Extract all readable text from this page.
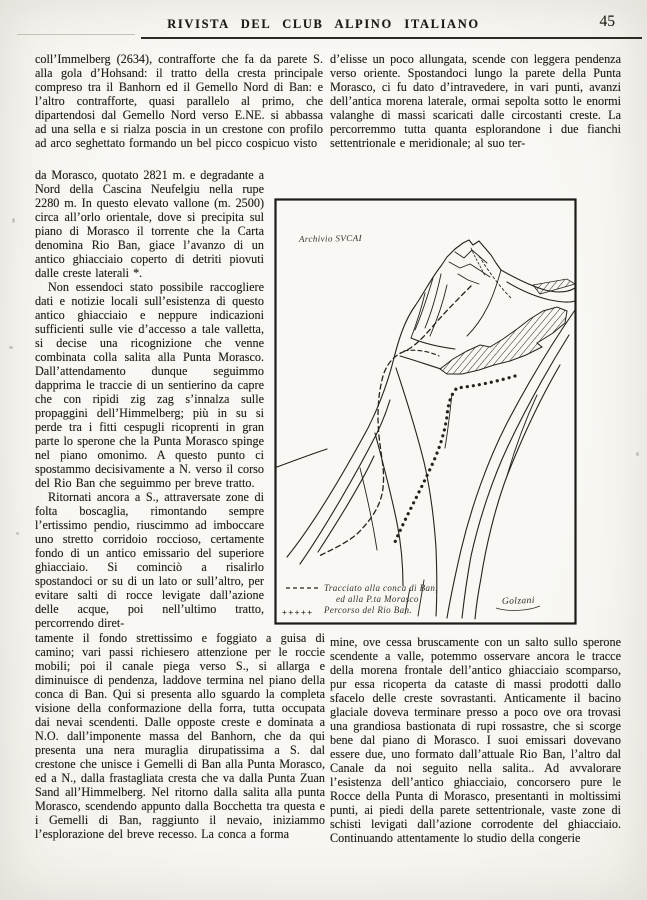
RIVISTA DEL CLUB ALPINO ITALIANO	45

coll’Immelberg (2634), contrafforte che fa da parete S. alla gola d’Hohsand: il tratto della cresta principale compreso tra il Banhorn ed il Gemello Nord di Ban: e l’altro contrafforte, quasi parallelo al primo, che dipartendosi dal Gemello Nord verso E.NE. si abbassa ad una sella e si rialza poscia in un crestone con profilo ad arco seghettato formando un bel picco cospicuo visto

da Morasco, quotato 2821 m. e degradante a Nord della Cascina Neufelgiu nella rupe 2280 m. In questo elevato vallone (m. 2500) circa all’orlo orientale, dove si precipita sul piano di Morasco il torrente che la Carta denomina Rio Ban, giace l’avanzo di un antico ghiacciaio coperto di detriti piovuti dalle creste laterali *.

Non essendoci stato possibile raccogliere dati e notizie locali sull’esistenza di questo antico ghiacciaio e neppure indicazioni sufficienti sulle vie d’accesso a tale valletta, si decise una ricognizione che venne combinata colla salita alla Punta Morasco. Dall’attendamento dunque seguimmo dapprima le traccie di un sentierino da capre che con ripidi zig zag s’innalza sulle propaggini dell’Himmelberg; più in su si perde tra i fitti cespugli ricoprenti in gran parte lo sperone che la Punta Morasco spinge nel piano omonimo. A questo punto ci spostammo decisivamente a N. verso il corso del Rio Ban che seguimmo per breve tratto.

Ritornati ancora a S., attraversate zone di folta boscaglia, rimontando sempre l’ertissimo pendio, riuscimmo ad imboccare uno stretto corridoio roccioso, certamente fondo di un antico emissario del superiore ghiacciaio. Si cominciò a risalirlo spostandoci or su di un lato or sull’altro, per evitare salti di rocce levigate dall’azione delle acque, poi nell’ultimo tratto, percorrendo diret-

tamente il fondo strettissimo e foggiato a guisa di camino; vari passi richiesero attenzione per le roccie mobili; poi il canale piega verso S., si allarga e diminuisce di pendenza, laddove termina nel piano della conca di Ban. Qui si presenta allo sguardo la completa visione della conformazione della forra, tutta occupata dai nevai scendenti. Dalle opposte creste e dominata a N.O. dall’imponente massa del Banhorn, che da qui presenta una nera muraglia dirupatissima a S. dal crestone che unisce i Gemelli di Ban alla Punta Morasco, ed a N., dalla frastagliata cresta che va dalla Punta Zuan Sand all’Himmelberg. Nel ritorno dalla salita alla punta Morasco, scendendo appunto dalla Bocchetta tra questa e i Gemelli di Ban, raggiunto il nevaio, iniziammo l’esplorazione del breve recesso. La conca a forma

d’elisse un poco allungata, scende con leggera pendenza verso oriente. Spostandoci lungo la parete della Punta Morasco, ci fu dato d’intravedere, in vari punti, avanzi dell’antica morena laterale, ormai sepolta sotto le enormi valanghe di massi scaricati dalle circostanti creste. La percorremmo tutta quanta esplorandone i due fianchi settentrionale e meridionale; al suo ter-

mine, ove cessa bruscamente con un salto sullo sperone scendente a valle, potemmo osservare ancora le tracce della morena frontale dell’antico ghiacciaio scomparso, pur essa ricoperta da cataste di massi prodotti dallo sfacelo delle creste sovrastanti. Anticamente il bacino glaciale doveva terminare presso a poco ove ora trovasi una grandiosa bastionata di rupi rossastre, che si scorge bene dal piano di Morasco. I suoi emissari dovevano essere due, uno formato dall’attuale Rio Ban, l’altro dal Canale da noi seguito nella salita.. Ad avvalorare l’esistenza dell’antico ghiacciaio, concorsero pure le Rocce della Punta di Morasco, presentanti in moltissimi punti, ai piedi della parete settentrionale, vaste zone di schisti levigati dall’azione corrodente del ghiacciaio. Continuando attentamente lo studio della congerie

Archivio SVCAI
Tracciato alla conca di Ban,
ed alla P.ta Morasco
+++++ Percorso del Rio Ban.
Golzani
